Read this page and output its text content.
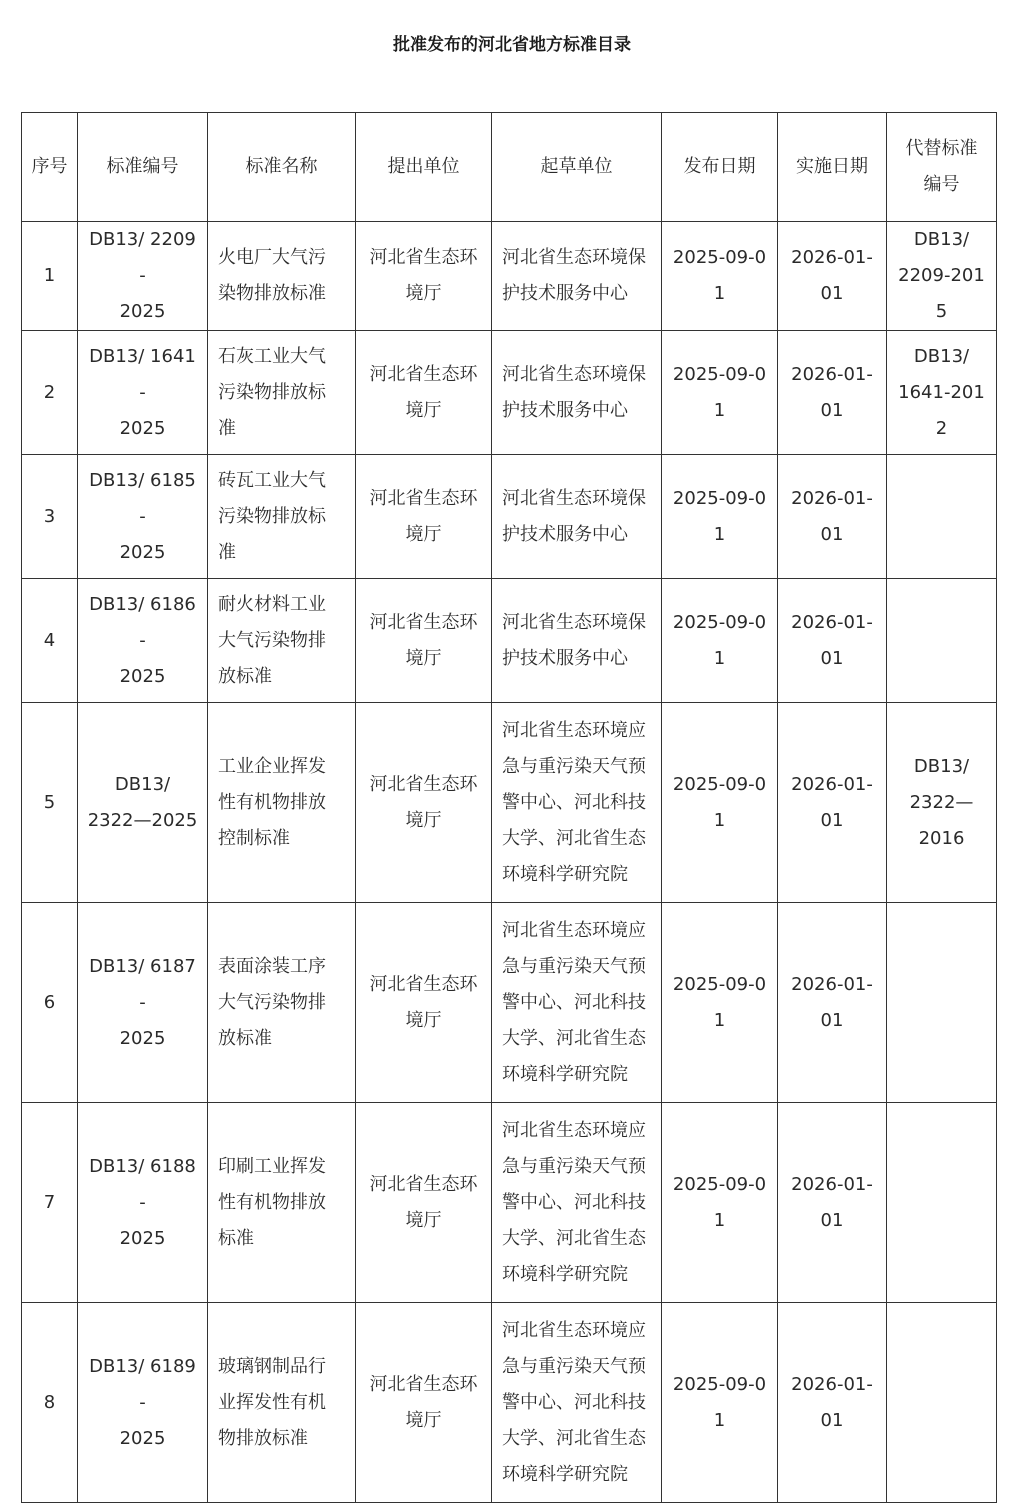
批准发布的河北省地方标准目录
序号	标准编号	标准名称	提出单位	起草单位	发布日期	实施日期	代替标准
编号

1	DB13/ 2209-
2025	火电厂大气污
染物排放标准	河北省生态环
境厅	河北省生态环境保
护技术服务中心	2025-09-01	2026-01-
01	DB13/
2209-2015

2	DB13/ 1641-
2025	石灰工业大气
污染物排放标
准	河北省生态环
境厅	河北省生态环境保
护技术服务中心	2025-09-01	2026-01-
01	DB13/
1641-2012

3	DB13/ 6185-
2025	砖瓦工业大气
污染物排放标
准	河北省生态环
境厅	河北省生态环境保
护技术服务中心	2025-09-01	2026-01-
01	

4	DB13/ 6186-
2025	耐火材料工业
大气污染物排
放标准	河北省生态环
境厅	河北省生态环境保
护技术服务中心	2025-09-01	2026-01-
01	

5	DB13/
2322—2025	工业企业挥发
性有机物排放
控制标准	河北省生态环
境厅	河北省生态环境应
急与重污染天气预
警中心、河北科技
大学、河北省生态
环境科学研究院	2025-09-01	2026-01-
01	DB13/
2322—
2016

6	DB13/ 6187-
2025	表面涂装工序
大气污染物排
放标准	河北省生态环
境厅	河北省生态环境应
急与重污染天气预
警中心、河北科技
大学、河北省生态
环境科学研究院	2025-09-01	2026-01-
01	

7	DB13/ 6188-
2025	印刷工业挥发
性有机物排放
标准	河北省生态环
境厅	河北省生态环境应
急与重污染天气预
警中心、河北科技
大学、河北省生态
环境科学研究院	2025-09-01	2026-01-
01	

8	DB13/ 6189-
2025	玻璃钢制品行
业挥发性有机
物排放标准	河北省生态环
境厅	河北省生态环境应
急与重污染天气预
警中心、河北科技
大学、河北省生态
环境科学研究院	2025-09-01	2026-01-
01	
